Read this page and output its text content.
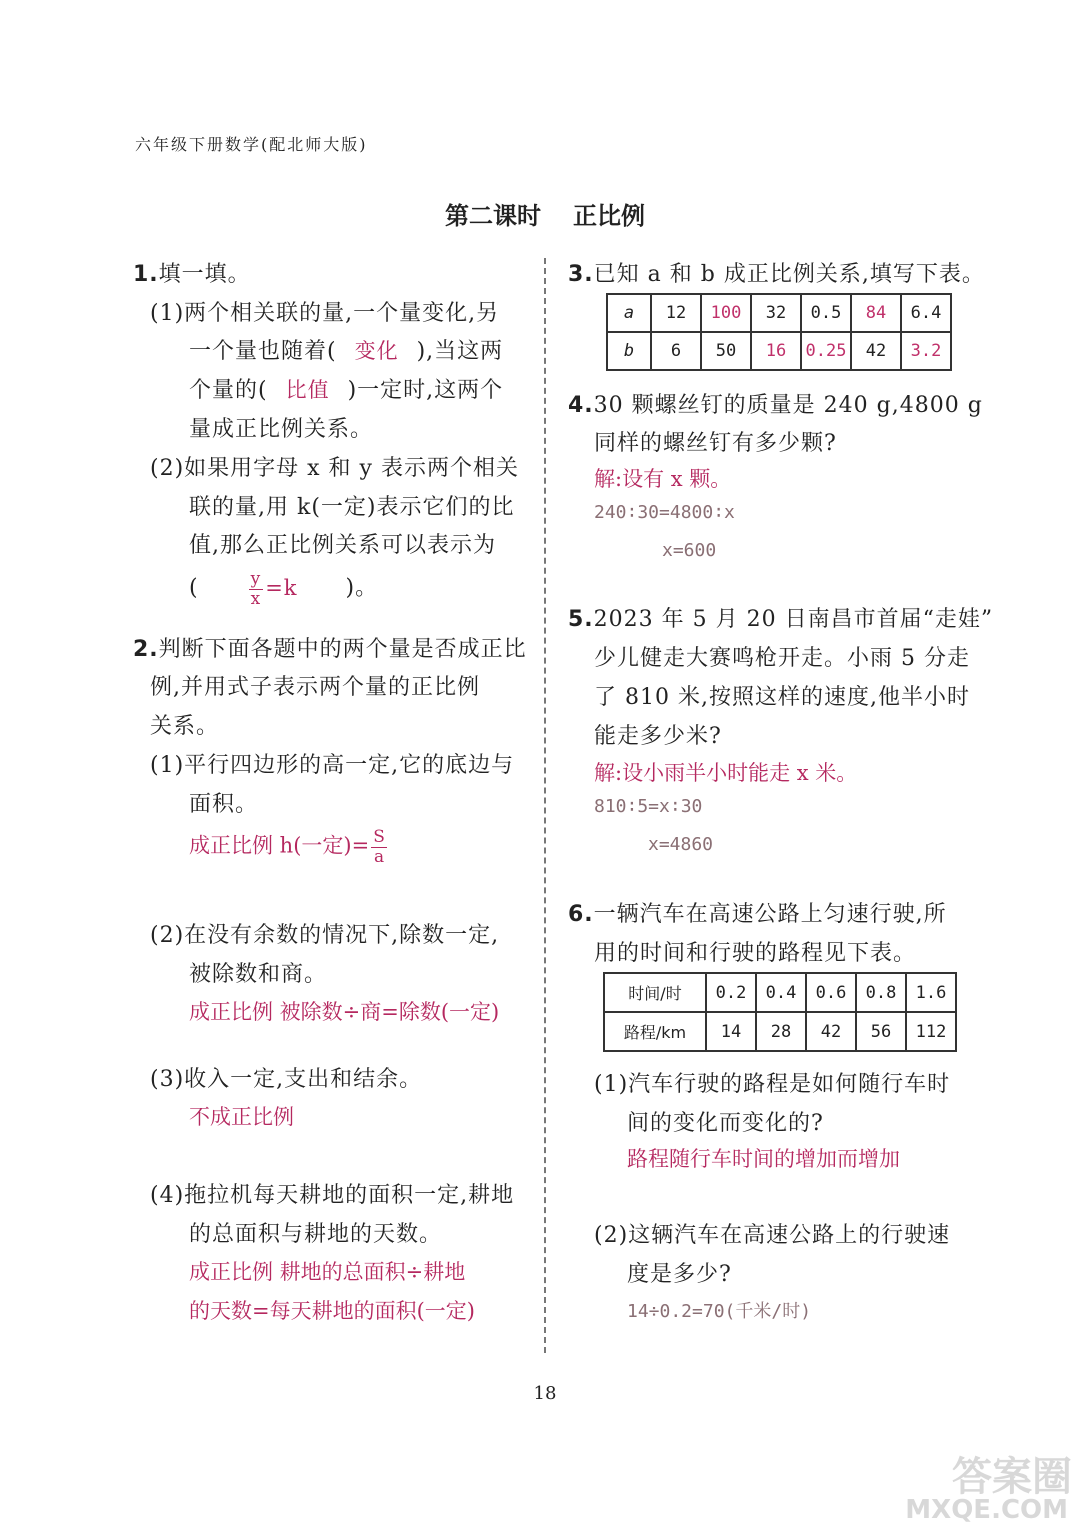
六年级下册数学(配北师大版)
第二课时 正比例
1.填一填。
(1)两个相关联的量,一个量变化,另
一个量也随着( 变化 ),当这两
个量的( 比值 )一定时,这两个
量成正比例关系。
(2)如果用字母 x 和 y 表示两个相关
联的量,用 k(一定)表示它们的比
值,那么正比例关系可以表示为
(	$\frac{y}{x} =k$ )。
2.判断下面各题中的两个量是否成正比
例,并用式子表示两个量的正比例
关系。
(1)平行四边形的高一定,它的底边与
面积。
成正比例 h(一定)= $\frac{S}{a}$
(2)在没有余数的情况下,除数一定,
被除数和商。
成正比例 被除数÷商=除数(一定)
(3)收入一定,支出和结余。
不成正比例
(4)拖拉机每天耕地的面积一定,耕地
的总面积与耕地的天数。
成正比例 耕地的总面积÷耕地
的天数=每天耕地的面积(一定)
3.已知 a 和 b 成正比例关系,填写下表。
a	12	100	32	0.5	84	6.4
b	6	50	16	0.25	42	3.2
4.30 颗螺丝钉的质量是 240 g,4800 g
同样的螺丝钉有多少颗?
解:设有 x 颗。
240∶30=4800∶x
x=600
5.2023 年 5 月 20 日南昌市首届“走娃”
少儿健走大赛鸣枪开走。小雨 5 分走
了 810 米,按照这样的速度,他半小时
能走多少米?
解:设小雨半小时能走 x 米。
810∶5=x∶30
x=4860
6.一辆汽车在高速公路上匀速行驶,所
用的时间和行驶的路程见下表。
时间/时	0.2	0.4	0.6	0.8	1.6
路程/km	14	28	42	56	112
(1)汽车行驶的路程是如何随行车时
间的变化而变化的?
路程随行车时间的增加而增加
(2)这辆汽车在高速公路上的行驶速
度是多少?
14÷0.2=70(千米/时)
18
答案圈
MXQE.COM
